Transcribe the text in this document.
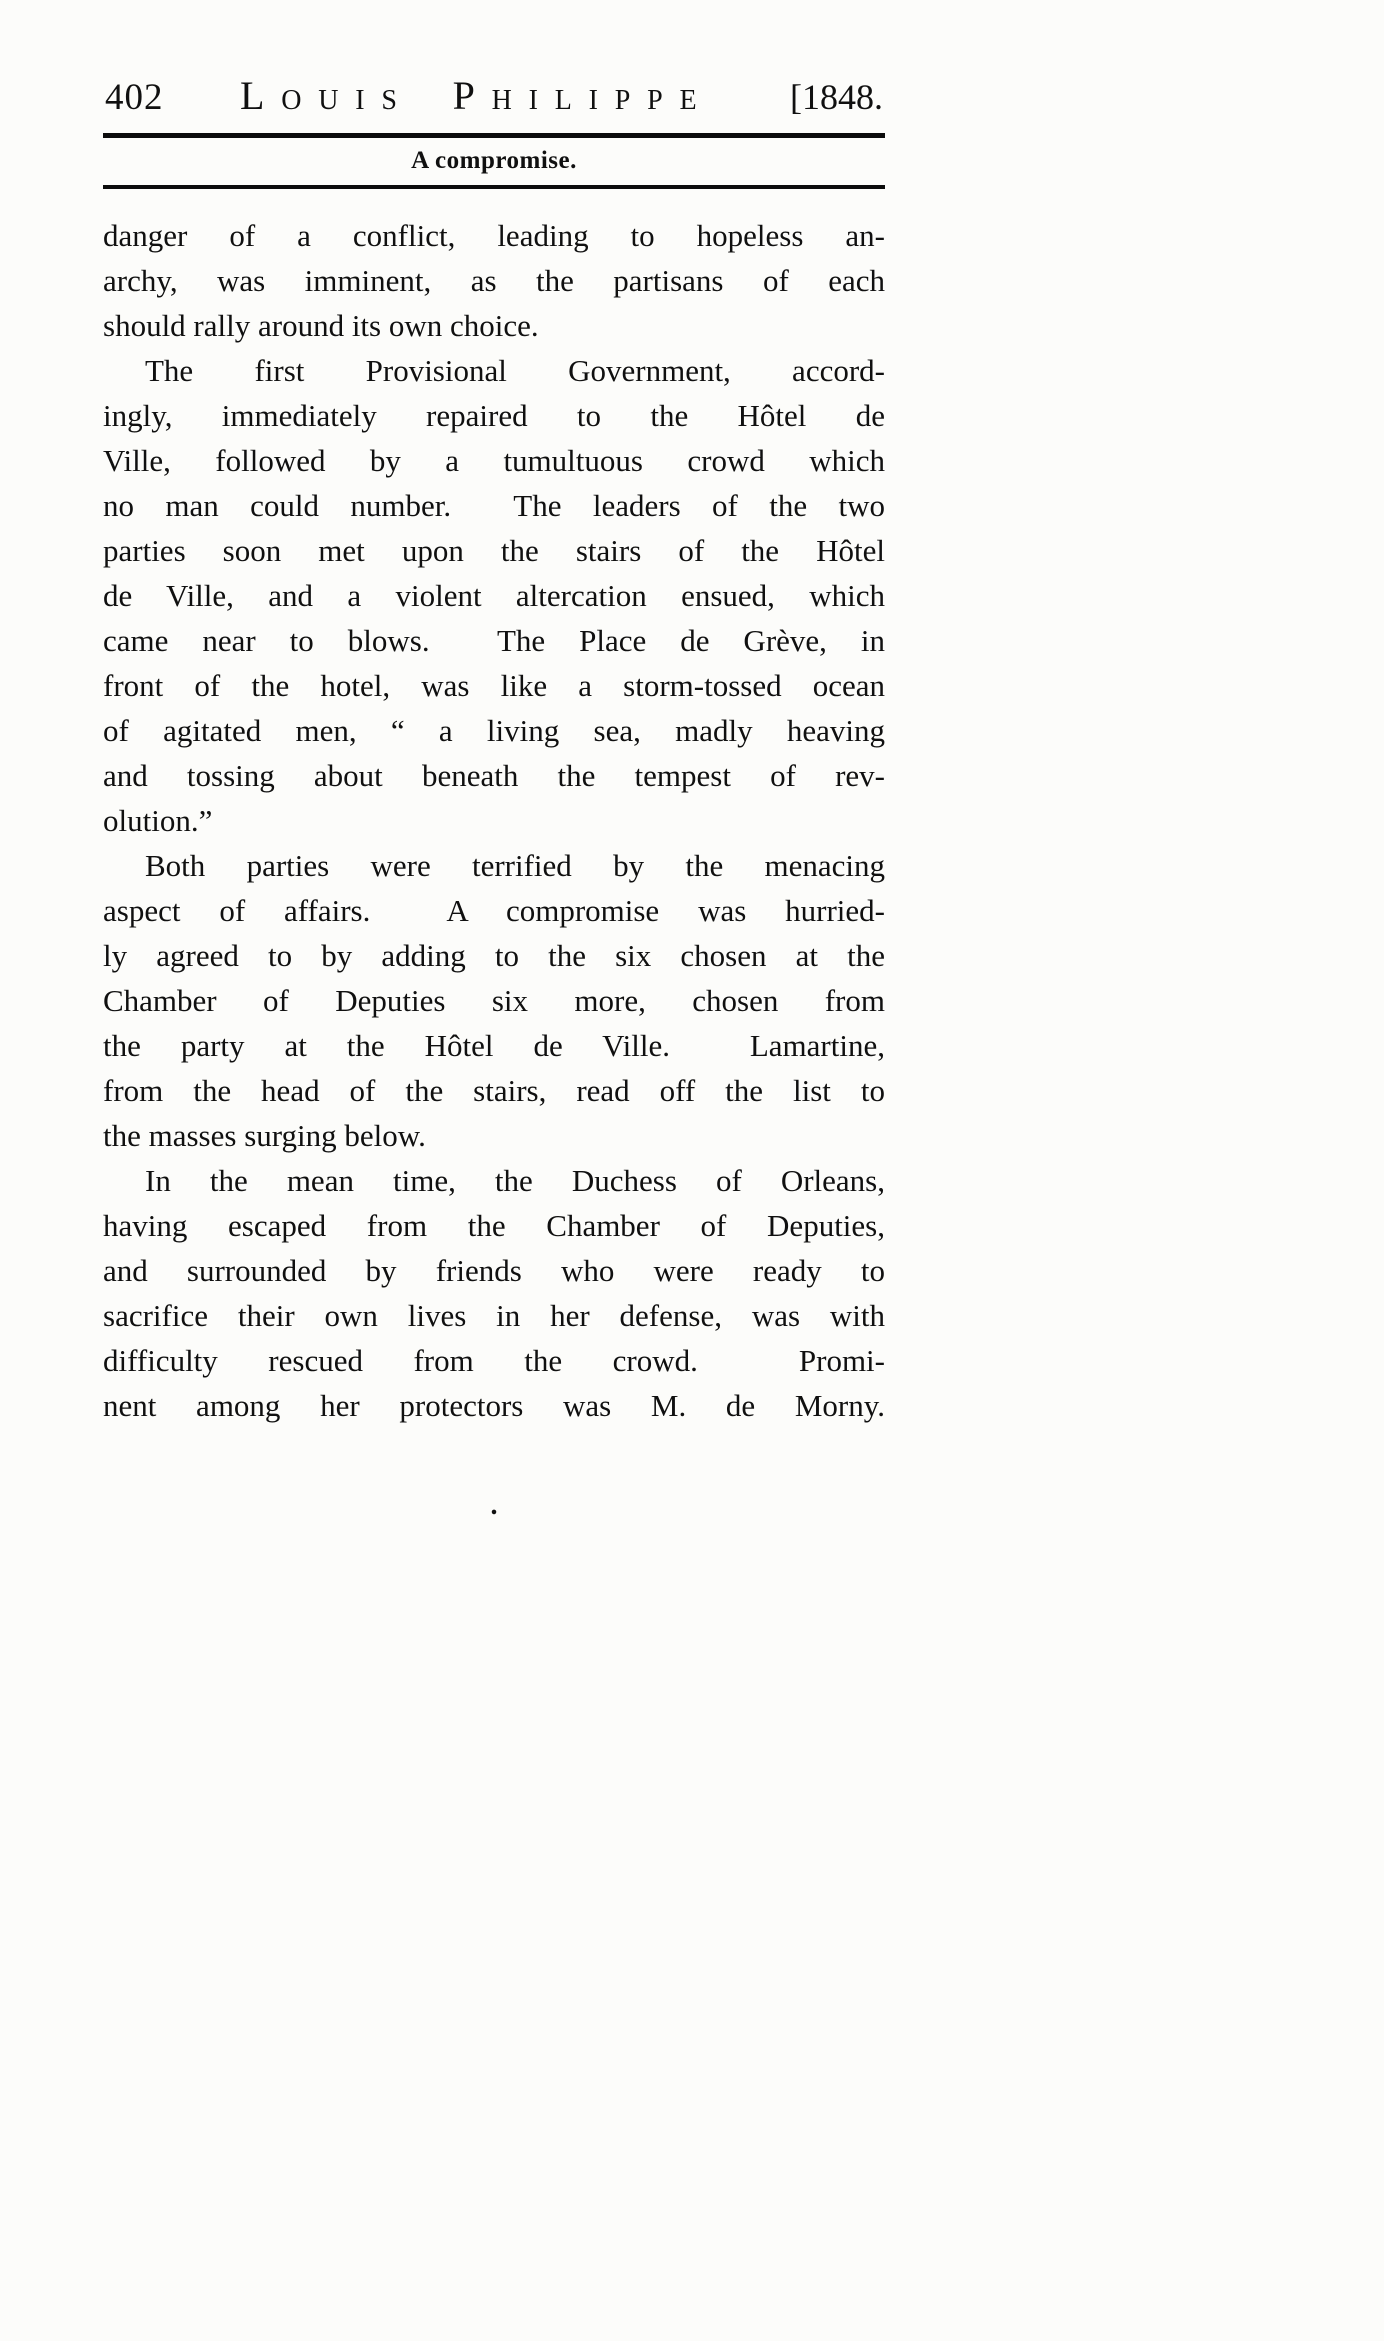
402 Louis Philippe [1848.
A compromise.
danger of a conflict, leading to hopeless an-
archy, was imminent, as the partisans of each
should rally around its own choice.
The first Provisional Government, accord-
ingly, immediately repaired to the Hôtel de
Ville, followed by a tumultuous crowd which
no man could number.  The leaders of the two
parties soon met upon the stairs of the Hôtel
de Ville, and a violent altercation ensued, which
came near to blows.  The Place de Grève, in
front of the hotel, was like a storm-tossed ocean
of agitated men, “ a living sea, madly heaving
and tossing about beneath the tempest of rev-
olution.”
Both parties were terrified by the menacing
aspect of affairs.  A compromise was hurried-
ly agreed to by adding to the six chosen at the
Chamber of Deputies six more, chosen from
the party at the Hôtel de Ville.  Lamartine,
from the head of the stairs, read off the list to
the masses surging below.
In the mean time, the Duchess of Orleans,
having escaped from the Chamber of Deputies,
and surrounded by friends who were ready to
sacrifice their own lives in her defense, was with
difficulty rescued from the crowd.  Promi-
nent among her protectors was M. de Morny.
.
